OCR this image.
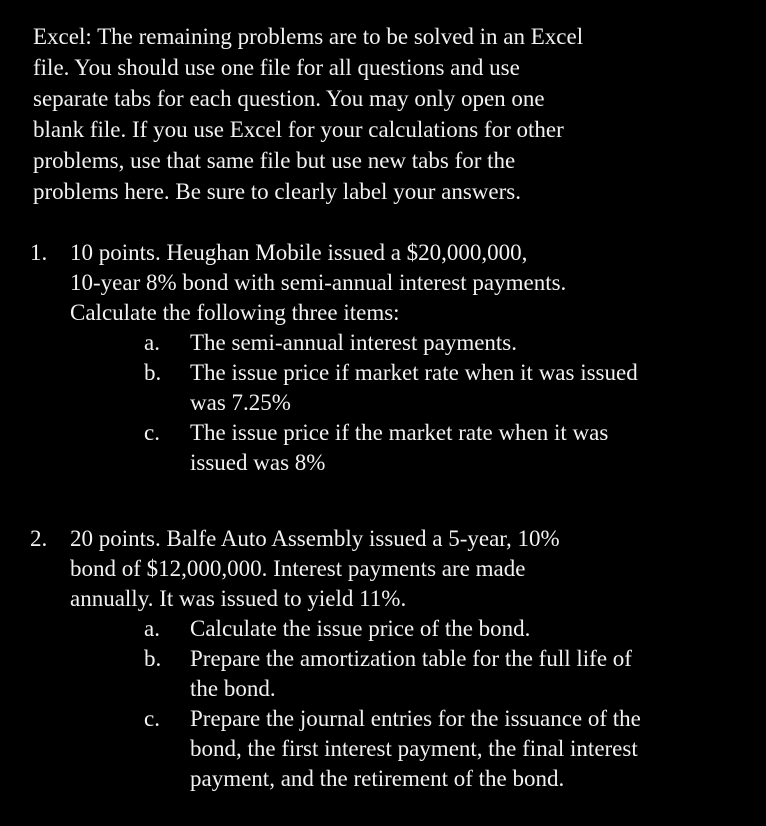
Excel: The remaining problems are to be solved in an Excel
file. You should use one file for all questions and use
separate tabs for each question. You may only open one
blank file. If you use Excel for your calculations for other
problems, use that same file but use new tabs for the
problems here. Be sure to clearly label your answers.
1. 10 points. Heughan Mobile issued a $20,000,000,
10-year 8% bond with semi-annual interest payments.
Calculate the following three items:
a. The semi-annual interest payments.
b. The issue price if market rate when it was issued
was 7.25%
c. The issue price if the market rate when it was
issued was 8%
2. 20 points. Balfe Auto Assembly issued a 5-year, 10%
bond of $12,000,000. Interest payments are made
annually. It was issued to yield 11%.
a. Calculate the issue price of the bond.
b. Prepare the amortization table for the full life of
the bond.
c. Prepare the journal entries for the issuance of the
bond, the first interest payment, the final interest
payment, and the retirement of the bond.
